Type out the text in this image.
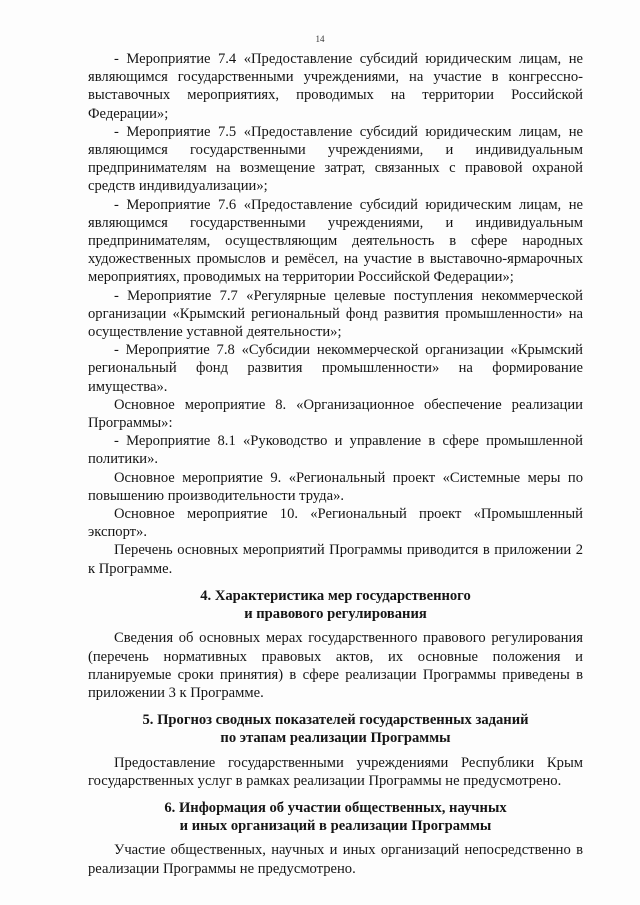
14

- Мероприятие 7.4 «Предоставление субсидий юридическим лицам, не являющимся государственными учреждениями, на участие в конгрессно-выставочных мероприятиях, проводимых на территории Российской Федерации»;

- Мероприятие 7.5 «Предоставление субсидий юридическим лицам, не являющимся государственными учреждениями, и индивидуальным предпринимателям на возмещение затрат, связанных с правовой охраной средств индивидуализации»;

- Мероприятие 7.6 «Предоставление субсидий юридическим лицам, не являющимся государственными учреждениями, и индивидуальным предпринимателям, осуществляющим деятельность в сфере народных художественных промыслов и ремёсел, на участие в выставочно-ярмарочных мероприятиях, проводимых на территории Российской Федерации»;

- Мероприятие 7.7 «Регулярные целевые поступления некоммерческой организации «Крымский региональный фонд развития промышленности» на осуществление уставной деятельности»;

- Мероприятие 7.8 «Субсидии некоммерческой организации «Крымский региональный фонд развития промышленности» на формирование имущества».

Основное мероприятие 8. «Организационное обеспечение реализации Программы»:

- Мероприятие 8.1 «Руководство и управление в сфере промышленной политики».

Основное мероприятие 9. «Региональный проект «Системные меры по повышению производительности труда».

Основное мероприятие 10. «Региональный проект «Промышленный экспорт».

Перечень основных мероприятий Программы приводится в приложении 2 к Программе.

4. Характеристика мер государственного

и правового регулирования

Сведения об основных мерах государственного правового регулирования (перечень нормативных правовых актов, их основные положения и планируемые сроки принятия) в сфере реализации Программы приведены в приложении 3 к Программе.

5. Прогноз сводных показателей государственных заданий

по этапам реализации Программы

Предоставление государственными учреждениями Республики Крым государственных услуг в рамках реализации Программы не предусмотрено.

6. Информация об участии общественных, научных

и иных организаций в реализации Программы

Участие общественных, научных и иных организаций непосредственно в реализации Программы не предусмотрено.
